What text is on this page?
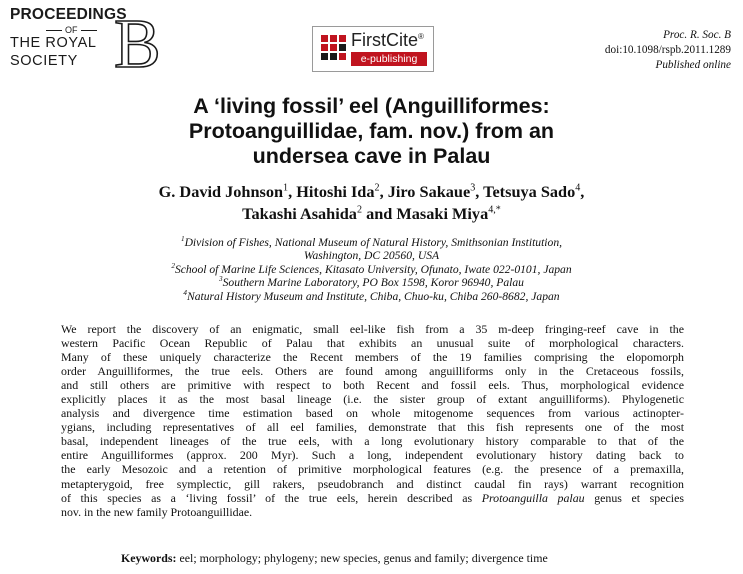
B
PROCEEDINGS
OF
THE ROYAL
SOCIETY
FirstCite®
e-publishing
Proc. R. Soc. B
doi:10.1098/rspb.2011.1289
Published online
A ‘living fossil’ eel (Anguilliformes:
Protoanguillidae, fam. nov.) from an
undersea cave in Palau
G. David Johnson$^1$, Hitoshi Ida$^2$, Jiro Sakaue$^3$, Tetsuya Sado$^4$,
Takashi Asahida$^2$ and Masaki Miya$^{4,*}$
$^1$Division of Fishes, National Museum of Natural History, Smithsonian Institution,
Washington, DC 20560, USA
$^2$School of Marine Life Sciences, Kitasato University, Ofunato, Iwate 022-0101, Japan
$^3$Southern Marine Laboratory, PO Box 1598, Koror 96940, Palau
$^4$Natural History Museum and Institute, Chiba, Chuo-ku, Chiba 260-8682, Japan
We report the discovery of an enigmatic, small eel-like fish from a 35 m-deep fringing-reef cave in the
western Pacific Ocean Republic of Palau that exhibits an unusual suite of morphological characters.
Many of these uniquely characterize the Recent members of the 19 families comprising the elopomorph
order Anguilliformes, the true eels. Others are found among anguilliforms only in the Cretaceous fossils,
and still others are primitive with respect to both Recent and fossil eels. Thus, morphological evidence
explicitly places it as the most basal lineage (i.e. the sister group of extant anguilliforms). Phylogenetic
analysis and divergence time estimation based on whole mitogenome sequences from various actinopter-
ygians, including representatives of all eel families, demonstrate that this fish represents one of the most
basal, independent lineages of the true eels, with a long evolutionary history comparable to that of the
entire Anguilliformes (approx. 200 Myr). Such a long, independent evolutionary history dating back to
the early Mesozoic and a retention of primitive morphological features (e.g. the presence of a premaxilla,
metapterygoid, free symplectic, gill rakers, pseudobranch and distinct caudal fin rays) warrant recognition
of this species as a ‘living fossil’ of the true eels, herein described as Protoanguilla palau genus et species
nov. in the new family Protoanguillidae.
Keywords: eel; morphology; phylogeny; new species, genus and family; divergence time
